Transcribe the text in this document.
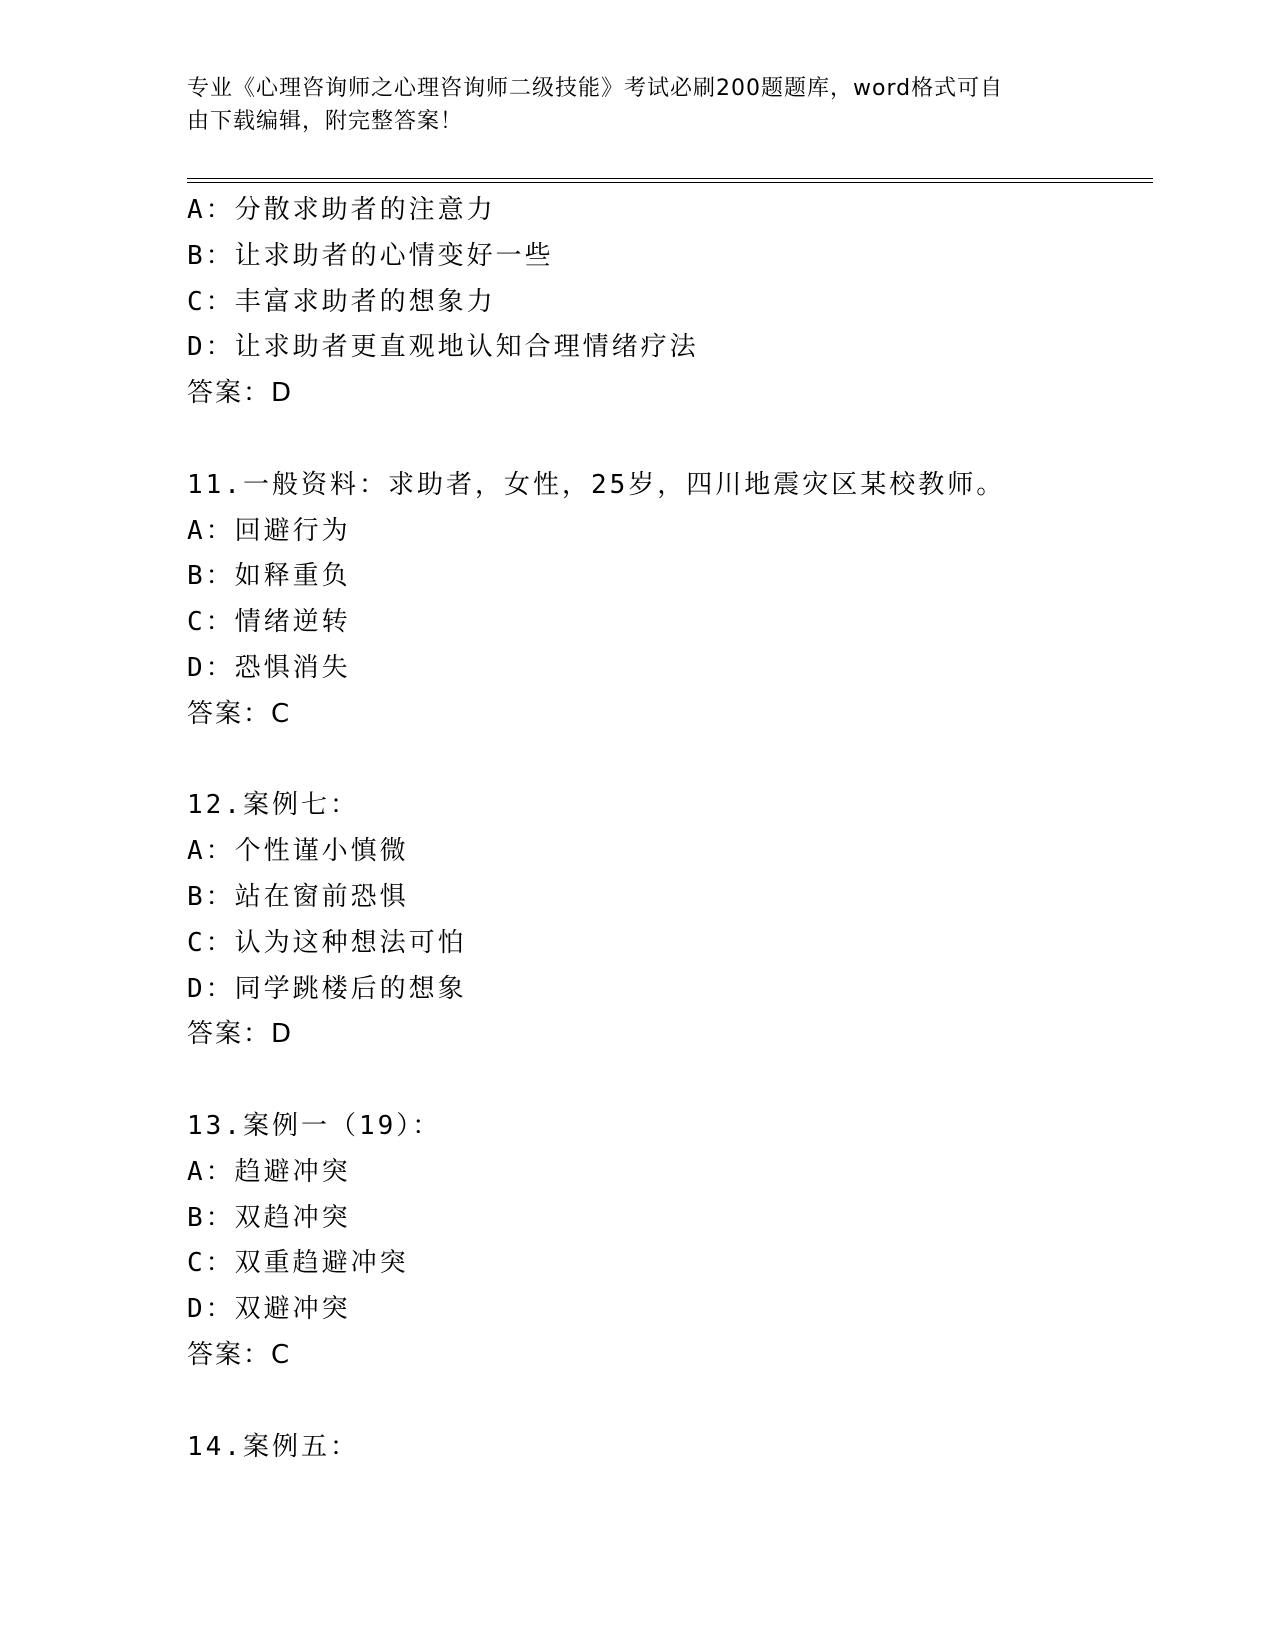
专业《心理咨询师之心理咨询师二级技能》考试必刷200题题库，word格式可自
由下载编辑，附完整答案！
A：分散求助者的注意力
B：让求助者的心情变好一些
C：丰富求助者的想象力
D：让求助者更直观地认知合理情绪疗法
答案：D
11.一般资料：求助者，女性，25岁，四川地震灾区某校教师。
A：回避行为
B：如释重负
C：情绪逆转
D：恐惧消失
答案：C
12.案例七：
A：个性谨小慎微
B：站在窗前恐惧
C：认为这种想法可怕
D：同学跳楼后的想象
答案：D
13.案例一（19）：
A：趋避冲突
B：双趋冲突
C：双重趋避冲突
D：双避冲突
答案：C
14.案例五：
